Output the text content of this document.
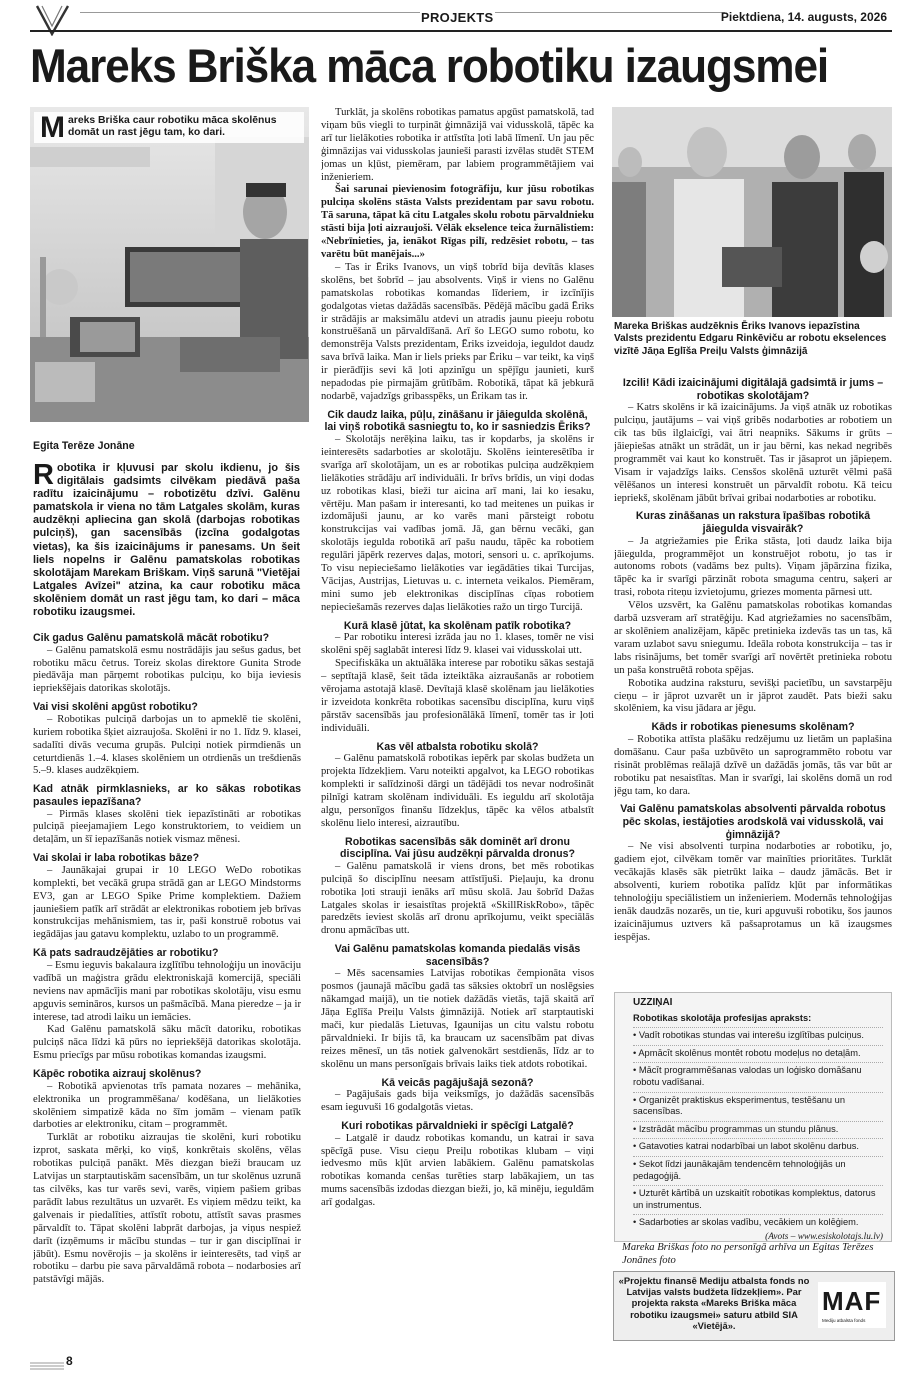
PROJEKTS	Piektdiena, 14. augusts, 2026
Mareks Briška māca robotiku izaugsmei
Mareks Briška caur robotiku māca skolēnus domāt un rast jēgu tam, ko dari.
Egita Terēze Jonāne
Robotika ir kļuvusi par skolu ikdienu, jo šis digitālais gadsimts cilvēkam piedāvā paša radītu izaicinājumu – robotizētu dzīvi. Galēnu pamatskola ir viena no tām Latgales skolām, kuras audzēkņi apliecina gan skolā (darbojas robotikas pulciņš), gan sacensībās (izcīna godalgotas vietas), ka šis izaicinājums ir panesams. Un šeit liels nopelns ir Galēnu pamatskolas robotikas skolotājam Marekam Briškam. Viņš sarunā "Vietējai Latgales Avīzei" atzina, ka caur robotiku māca skolēniem domāt un rast jēgu tam, ko dari – māca robotiku izaugsmei.

Cik gadus Galēnu pamatskolā mācāt robotiku?

– Galēnu pamatskolā esmu nostrādājis jau sešus gadus, bet robotiku mācu četrus. Toreiz skolas direktore Gunita Strode piedāvāja man pārņemt robotikas pulciņu, ko bija ieviesis iepriekšējais datorikas skolotājs.

Vai visi skolēni apgūst robotiku?

– Robotikas pulciņā darbojas un to apmeklē tie skolēni, kuriem robotika šķiet aizraujoša. Skolēni ir no 1. līdz 9. klasei, sadalīti divās vecuma grupās. Pulciņi notiek pirmdienās un ceturtdienās 1.–4. klases skolēniem un otrdienās un trešdienās 5.–9. klases audzēkņiem.

Kad atnāk pirmklasnieks, ar ko sākas robotikas pasaules iepazīšana?

– Pirmās klases skolēni tiek iepazīstināti ar robotikas pulciņā pieejamajiem Lego konstruktoriem, to veidiem un detaļām, un šī iepazīšanās notiek vismaz mēnesi.

Vai skolai ir laba robotikas bāze?

– Jaunākajai grupai ir 10 LEGO WeDo robotikas komplekti, bet vecākā grupa strādā gan ar LEGO Mindstorms EV3, gan ar LEGO Spike Prime komplektiem. Dažiem jauniešiem patīk arī strādāt ar elektronikas robotiem jeb brīvas konstrukcijas mehānismiem, tas ir, paši konstruē robotus vai iegādājas jau gatavu komplektu, uzlabo to un programmē.

Kā pats sadraudzējāties ar robotiku?

– Esmu ieguvis bakalaura izglītību tehnoloģiju un inovāciju vadībā un maģistra grādu elektroniskajā komercijā, speciāli neviens nav apmācījis mani par robotikas skolotāju, visu esmu apguvis semināros, kursos un pašmācībā. Mana pieredze – ja ir interese, tad atrodi laiku un iemācies.

Kad Galēnu pamatskolā sāku mācīt datoriku, robotikas pulciņš nāca līdzi kā pūrs no iepriekšējā datorikas skolotāja. Esmu priecīgs par mūsu robotikas komandas izaugsmi.

Kāpēc robotika aizrauj skolēnus?

– Robotikā apvienotas trīs pamata nozares – mehānika, elektronika un programmēšana/ kodēšana, un lielākoties skolēniem simpatizē kāda no šīm jomām – vienam patīk darboties ar elektroniku, citam – programmēt.

Turklāt ar robotiku aizraujas tie skolēni, kuri robotiku izprot, saskata mērķi, ko viņš, konkrētais skolēns, vēlas robotikas pulciņā panākt. Mēs diezgan bieži braucam uz Latvijas un starptautiskām sacensībām, un tur skolēnus uzrunā tas cilvēks, kas tur varēs sevi, varēs, viņiem pašiem gribas parādīt labus rezultātus un uzvarēt. Es viņiem mēdzu teikt, ka galvenais ir piedalīties, attīstīt robotu, attīstīt savas prasmes pārvaldīt to. Tāpat skolēni labprāt darbojas, ja viņus nespiež darīt (izņēmums ir mācību stundas – tur ir gan disciplīnai ir jābūt). Esmu novērojis – ja skolēns ir ieinteresēts, tad viņš ar robotiku – darbu pie sava pārvaldāmā robota – nodarbosies arī patstāvīgi mājās.

Turklāt, ja skolēns robotikas pamatus apgūst pamatskolā, tad viņam būs viegli to turpināt ģimnāzijā vai vidusskolā, tāpēc ka arī tur lielākoties robotika ir attīstīta ļoti labā līmenī. Un jau pēc ģimnāzijas vai vidusskolas jaunieši parasti izvēlas studēt STEM jomas un kļūst, piemēram, par labiem programmētājiem vai inženieriem.

Šai sarunai pievienosim fotogrāfiju, kur jūsu robotikas pulciņa skolēns stāsta Valsts prezidentam par savu robotu. Tā saruna, tāpat kā citu Latgales skolu robotu pārvaldnieku stāsti bija ļoti aizraujoši. Vēlāk ekselence teica žurnālistiem: «Nebrīnieties, ja, ienākot Rīgas pilī, redzēsiet robotu, – tas varētu būt manējais...»

– Tas ir Ēriks Ivanovs, un viņš tobrīd bija devītās klases skolēns, bet šobrīd – jau absolvents. Viņš ir viens no Galēnu pamatskolas robotikas komandas līderiem, ir izcīnījis godalgotas vietas dažādās sacensībās. Pēdējā mācību gadā Ēriks ir strādājis ar maksimālu atdevi un atradis jaunu pieeju robotu konstruēšanā un pārvaldīšanā. Arī šo LEGO sumo robotu, ko demonstrēja Valsts prezidentam, Ēriks izveidoja, ieguldot daudz sava brīvā laika. Man ir liels prieks par Ēriku – var teikt, ka viņš ir pierādījis sevi kā ļoti apzinīgu un spējīgu jaunieti, kurš nepadodas pie pirmajām grūtībām. Robotikā, tāpat kā jebkurā nodarbē, vajadzīgs gribasspēks, un Ērikam tas ir.

Cik daudz laika, pūļu, zināšanu ir jāiegulda skolēnā, lai viņš robotikā sasniegtu to, ko ir sasniedzis Ēriks?

– Skolotājs nerēķina laiku, tas ir kopdarbs, ja skolēns ir ieinteresēts sadarboties ar skolotāju. Skolēns ieinteresētība ir svarīga arī skolotājam, un es ar robotikas pulciņa audzēkņiem lielākoties strādāju arī individuāli. Ir brīvs brīdis, un viņi dodas uz robotikas klasi, bieži tur aicina arī mani, lai ko iesaku, vērtēju. Man pašam ir interesanti, ko tad meitenes un puikas ir izdomājuši jaunu, ar ko varēs mani pārsteigt robotu konstrukcijas vai vadības jomā. Jā, gan bērnu vecāki, gan skolotājs iegulda robotikā arī pašu naudu, tāpēc ka robotiem regulāri jāpērk rezerves daļas, motori, sensori u. c. aprīkojums. To visu nepieciešamo lielākoties var iegādāties tikai Turcijas, Vācijas, Austrijas, Lietuvas u. c. interneta veikalos. Piemēram, mini sumo jeb elektronikas disciplīnas cīņas robotiem nepieciešamās rezerves daļas lielākoties ražo un tirgo Turcijā.

Kurā klasē jūtat, ka skolēnam patīk robotika?

– Par robotiku interesi izrāda jau no 1. klases, tomēr ne visi skolēni spēj saglabāt interesi līdz 9. klasei vai vidusskolai utt.

Specifiskāka un aktuālāka interese par robotiku sākas sestajā – septītajā klasē, šeit tāda izteiktāka aizraušanās ar robotiem vērojama astotajā klasē. Devītajā klasē skolēnam jau lielākoties ir izveidota konkrēta robotikas sacensību disciplīna, kuru viņš pārstāv sacensībās jau profesionālākā līmenī, tomēr tas ir ļoti individuāli.

Kas vēl atbalsta robotiku skolā?

– Galēnu pamatskolā robotikas iepērk par skolas budžeta un projekta līdzekļiem. Varu noteikti apgalvot, ka LEGO robotikas komplekti ir salīdzinoši dārgi un tādējādi tos nevar nodrošināt pilnīgi katram skolēnam individuāli. Es ieguldu arī skolotāja algu, personīgos finanšu līdzekļus, tāpēc ka vēlos atbalstīt skolēnu lielo interesi, aizrautību.

Robotikas sacensībās sāk dominēt arī dronu disciplīna. Vai jūsu audzēkņi pārvalda dronus?

– Galēnu pamatskolā ir viens drons, bet mēs robotikas pulciņā šo disciplīnu neesam attīstījuši. Pieļauju, ka dronu robotika ļoti strauji ienāks arī mūsu skolā. Jau šobrīd Dažas Latgales skolas ir iesaistītas projektā «SkillRiskRobo», tāpēc paredzēts ieviest skolās arī dronu aprīkojumu, veikt speciālās dronu apmācības utt.

Vai Galēnu pamatskolas komanda piedalās visās sacensībās?

– Mēs sacensamies Latvijas robotikas čempionāta visos posmos (jaunajā mācību gadā tas sāksies oktobrī un noslēgsies nākamgad maijā), un tie notiek dažādās vietās, tajā skaitā arī Jāņa Eglīša Preiļu Valsts ģimnāzijā. Notiek arī starptautiski mači, kur piedalās Lietuvas, Igaunijas un citu valstu robotu pārvaldnieki. Ir bijis tā, ka braucam uz sacensībām pat divas reizes mēnesī, un tās notiek galvenokārt sestdienās, līdz ar to skolēnu un mans personīgais brīvais laiks tiek atdots robotikai.

Kā veicās pagājušajā sezonā?

– Pagājušais gads bija veiksmīgs, jo dažādās sacensībās esam ieguvuši 16 godalgotās vietas.

Kuri robotikas pārvaldnieki ir spēcīgi Latgalē?

– Latgalē ir daudz robotikas komandu, un katrai ir sava spēcīgā puse. Visu cieņu Preiļu robotikas klubam – viņi iedvesmo mūs kļūt arvien labākiem. Galēnu pamatskolas robotikas komanda cenšas turēties starp labākajiem, un tas mums sacensībās izdodas diezgan bieži, jo, kā minēju, ieguldām arī godalgas.

Mareka Briškas audzēknis Ēriks Ivanovs iepazīstina Valsts prezidentu Edgaru Rinkēviču ar robotu ekselences vizītē Jāņa Eglīša Preiļu Valsts ģimnāzijā

Izcili! Kādi izaicinājumi digitālajā gadsimtā ir jums – robotikas skolotājam?

– Katrs skolēns ir kā izaicinājums. Ja viņš atnāk uz robotikas pulciņu, jautājums – vai viņš gribēs nodarboties ar robotiem un cik tas būs ilglaicīgi, vai ātri neapniks. Sākums ir grūts – jāiepiešas atnākt un strādāt, un ir jau bērni, kas nekad negribēs programmēt vai kaut ko konstruēt. Tas ir jāsaprot un jāpieņem. Visam ir vajadzīgs laiks. Censšos skolēnā uzturēt vēlmi pašā vēlēšanos un interesi konstruēt un pārvaldīt robotu. Kā teicu iepriekš, skolēnam jābūt brīvai gribai nodarboties ar robotiku.

Kuras zināšanas un rakstura īpašības robotikā jāiegulda visvairāk?

– Ja atgriežamies pie Ērika stāsta, ļoti daudz laika bija jāiegulda, programmējot un konstruējot robotu, jo tas ir autonoms robots (vadāms bez pults). Viņam jāpārzina fizika, tāpēc ka ir svarīgi pārzināt robota smaguma centru, saķeri ar trasi, robota riteņu izvietojumu, griezes momenta pārnesi utt.

Vēlos uzsvērt, ka Galēnu pamatskolas robotikas komandas darbā uzsveram arī stratēģiju. Kad atgriežamies no sacensībām, ar skolēniem analizējam, kāpēc pretinieka izdevās tas un tas, kā varam uzlabot savu sniegumu. Ideāla robota konstrukcija – tas ir labs risinājums, bet tomēr svarīgi arī novērtēt pretinieka robotu un paša konstruētā robota spējas.

Robotika audzina raksturu, sevišķi pacietību, un savstarpēju cieņu – ir jāprot uzvarēt un ir jāprot zaudēt. Pats bieži saku skolēniem, ka visu jādara ar jēgu.

Kāds ir robotikas pienesums skolēnam?

– Robotika attīsta plašāku redzējumu uz lietām un paplašina domāšanu. Caur paša uzbūvēto un saprogrammēto robotu var risināt problēmas reālajā dzīvē un dažādās jomās, tās var būt ar robotiku pat nesaistītas. Man ir svarīgi, lai skolēns domā un rod jēgu tam, ko dara.

Vai Galēnu pamatskolas absolventi pārvalda robotus pēc skolas, iestājoties arodskolā vai vidusskolā, vai ģimnāzijā?

– Ne visi absolventi turpina nodarboties ar robotiku, jo, gadiem ejot, cilvēkam tomēr var mainīties prioritātes. Turklāt vecākajās klasēs sāk pietrūkt laika – daudz jāmācās. Bet ir absolventi, kuriem robotika palīdz kļūt par informātikas tehnoloģiju speciālistiem un inženieriem. Modernās tehnoloģijas ienāk daudzās nozarēs, un tie, kuri apguvuši robotiku, šos jaunos izaicinājumus uztvers kā pašsaprotamus un kā izaugsmes iespējas.

UZZIŅAI
Robotikas skolotāja profesijas apraksts:
• Vadīt robotikas stundas vai interešu izglītības pulciņus.
• Apmācīt skolēnus montēt robotu modeļus no detaļām.
• Mācīt programmēšanas valodas un loģisko domāšanu robotu vadīšanai.
• Organizēt praktiskus eksperimentus, testēšanu un sacensības.
• Izstrādāt mācību programmas un stundu plānus.
• Gatavoties katrai nodarbībai un labot skolēnu darbus.
• Sekot līdzi jaunākajām tendencēm tehnoloģijās un pedagoģijā.
• Uzturēt kārtībā un uzskaitīt robotikas komplektus, datorus un instrumentus.
• Sadarboties ar skolas vadību, vecākiem un kolēģiem.
(Avots – www.esiskolotajs.lu.lv)
Mareka Briškas foto no personīgā arhīva un Egitas Terēzes Jonānes foto
«Projektu finansē Mediju atbalsta fonds no Latvijas valsts budžeta līdzekļiem». Par projekta raksta «Mareks Briška māca robotiku izaugsmei» saturu atbild SIA «Vietējā».
MAF
Mediju atbalsta fonds
8
